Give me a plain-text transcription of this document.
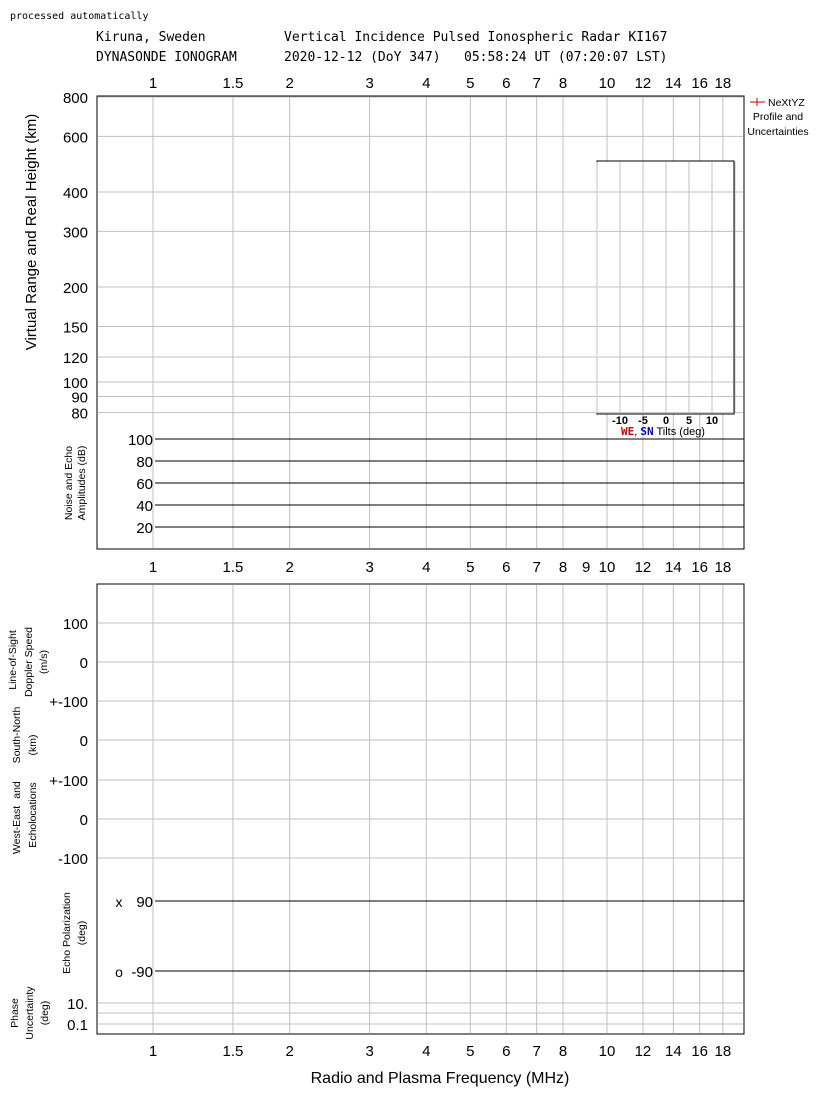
processed automatically
Kiruna, Sweden	Vertical Incidence Pulsed Ionospheric Radar KI167
DYNASONDE IONOGRAM	2020-12-12 (DoY 347)   05:58:24 UT (07:20:07 LST)
800
600
400
300
200
150
120
100
90
80
100
80
60
40
20
100
0
+-100
0
+-100
0
-100
90
-90
x
o
10.
0.1
1	1.5	2	3	4 5 6 7 8 10 12 14 16 18
1	1.5	2	3	4 5 6 7 8 9 10 12 14 16 18
1	1.5	2	3	4 5 6 7 8 10 12 14 16 18
Radio and Plasma Frequency (MHz)
Virtual Range and Real Height (km)
Noise and Echo Amplitudes (dB)
Line-of-Sight Doppler Speed (m/s)
South-North (km)
West-East
and Echolocations
Echo Polarization (deg)
Phase Uncertainty (deg)
-10 -5 0 5 10
WE, SN Tilts (deg)
NeXtYZ
Profile and
Uncertainties
